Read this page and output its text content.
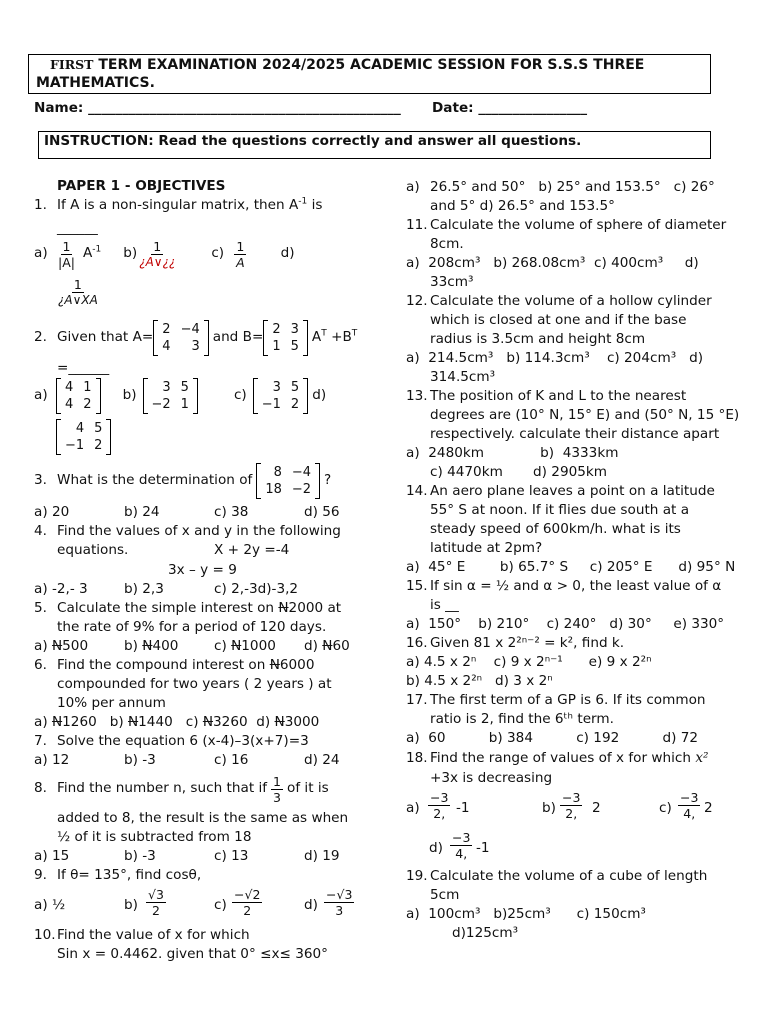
FIRST TERM EXAMINATION 2024/2025 ACADEMIC SESSION FOR S.S.S THREE
MATHEMATICS.
Name: ______________________________________________ Date: ________________
INSTRUCTION: Read the questions correctly and answer all questions.
PAPER 1 - OBJECTIVES
1. If A is a non-singular matrix, then $A^{-1}$ is
______
$a) \frac{1}{|A|} A^{-1}$ $b) \frac{1}{¿A\vee¿¿}$	$c) \frac{1}{A}$	d)
$\frac{1}{¿A\vee XA}$
2. Given that A= 2 −4
4	3
and B= 2 3
1 5
$A^T +B^T$
=______
a)	4 1
4 2
b)	3 5
−2 1
c)	3 5
−1 2
d)
4 5
−1 2
3. What is the determination of	8 −4
18 −2
?
a) 20	b) 24	c) 38	d) 56
4. Find the values of x and y in the following
equations.	X + 2y =-4
3x – y = 9
a) -2,- 3	b) 2,3	c) 2,-3d)-3,2
5. Calculate the simple interest on N2000 at
the rate of 9% for a period of 120 days.
a) N500	b) N400	c) N1000 d) N60
6. Find the compound interest on N6000
compounded for two years ( 2 years ) at
10% per annum
a) N1260 b) N1440 c) N3260 d) N3000
7. Solve the equation 6 (x-4)–3(x+7)=3
a) 12	b) -3	c) 16	d) 24
8. Find the number n, such that if $\frac{1}{3}$ of it is
added to 8, the result is the same as when
½ of it is subtracted from 18
a) 15	b) -3	c) 13	d) 19
9. If θ= 135°, find cosθ,
a) ½	$b) \frac{√3}{2}$	$c) \frac{-√2}{2}$	$d) \frac{-√3}{3}$
10.Find the value of x for which
Sin x = 0.4462. given that 0° ≤x≤ 360°
a) 26.5° and 50° b) 25° and 153.5° c) 26°
and 5° d) 26.5° and 153.5°
11. Calculate the volume of sphere of diameter
8cm.
a)  208cm³   b) 268.08cm³  c) 400cm³     d)
33cm³
12. Calculate the volume of a hollow cylinder
which is closed at one and if the base
radius is 3.5cm and height 8cm
a)  214.5cm³   b) 114.3cm³    c) 204cm³   d)
314.5cm³
13. The position of K and L to the nearest
degrees are (10° N, 15° E) and (50° N, 15 °E)
respectively. calculate their distance apart
a)  2480km             b)  4333km
c) 4470km       d) 2905km
14. An aero plane leaves a point on a latitude
55° S at noon. If it flies due south at a
steady speed of 600km/h. what is its
latitude at 2pm?
a)  45° E        b) 65.7° S     c) 205° E      d) 95° N
15. If sin α = ½ and α > 0, the least value of α
is __
a)  150°    b) 210°    c) 240°   d) 30°     e) 330°
16. Given 81 x 2²ⁿ⁻² = k², find k.
a) 4.5 x 2ⁿ    c) 9 x 2ⁿ⁻¹      e) 9 x 2²ⁿ
b) 4.5 x 2²ⁿ   d) 3 x 2ⁿ
17. The first term of a GP is 6. If its common
ratio is 2, find the 6ᵗʰ term.
a)  60          b) 384          c) 192          d) 72
18. Find the range of values of x for which x²
+3x is decreasing
$a) \frac{-3}{2,} -1$	$b) \frac{-3}{2,} 2$	$c) \frac{-3}{4,} 2$
$d) \frac{-3}{4,} -1$
19. Calculate the volume of a cube of length
5cm
a)  100cm³   b)25cm³      c) 150cm³
d)125cm³
